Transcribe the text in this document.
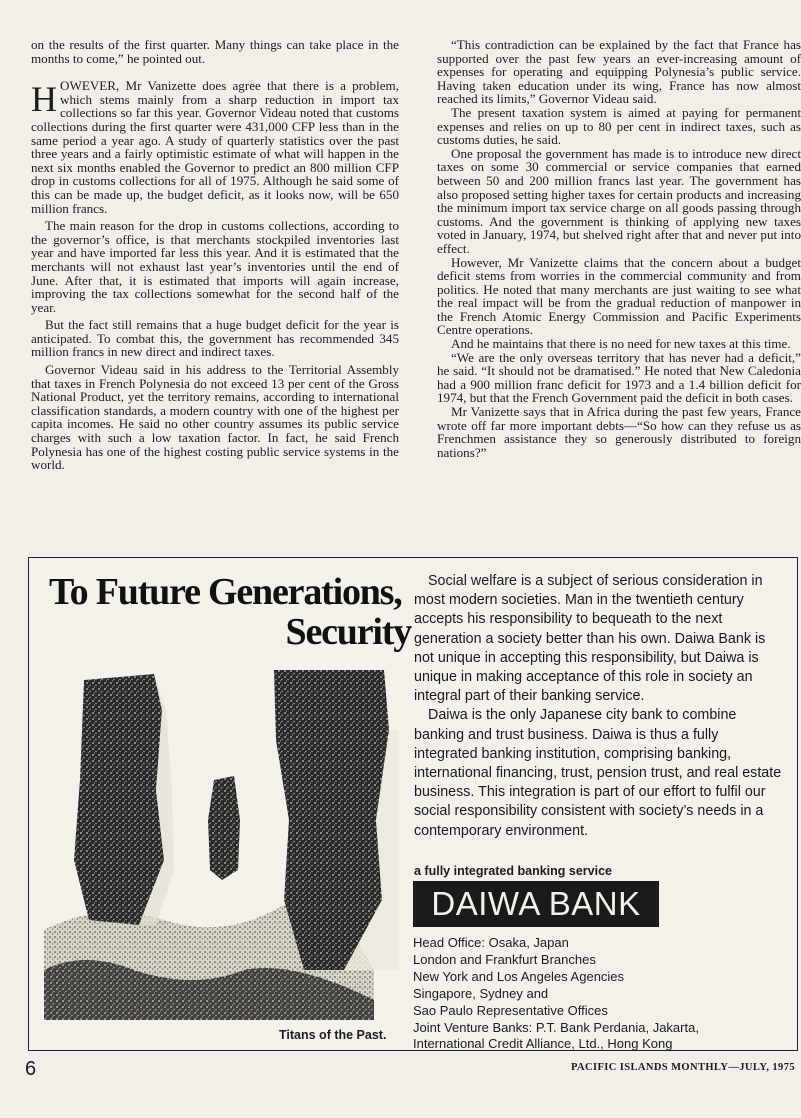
on the results of the first quarter. Many things can take place in the months to come,” he pointed out.

HOWEVER, Mr Vanizette does agree that there is a problem, which stems mainly from a sharp reduction in import tax collections so far this year. Governor Videau noted that customs collections during the first quarter were 431,000 CFP less than in the same period a year ago. A study of quarterly statistics over the past three years and a fairly optimistic estimate of what will happen in the next six months enabled the Governor to predict an 800 million CFP drop in customs collections for all of 1975. Although he said some of this can be made up, the budget deficit, as it looks now, will be 650 million francs.

The main reason for the drop in customs collections, according to the governor’s office, is that merchants stockpiled inventories last year and have imported far less this year. And it is estimated that the merchants will not exhaust last year’s inventories until the end of June. After that, it is estimated that imports will again increase, improving the tax collections somewhat for the second half of the year.

But the fact still remains that a huge budget deficit for the year is anticipated. To combat this, the government has recommended 345 million francs in new direct and indirect taxes.

Governor Videau said in his address to the Territorial Assembly that taxes in French Polynesia do not exceed 13 per cent of the Gross National Product, yet the territory remains, according to international classification standards, a modern country with one of the highest per capita incomes. He said no other country assumes its public service charges with such a low taxation factor. In fact, he said French Polynesia has one of the highest costing public service systems in the world.

“This contradiction can be explained by the fact that France has supported over the past few years an ever-increasing amount of expenses for operating and equipping Polynesia’s public service. Having taken education under its wing, France has now almost reached its limits,” Governor Videau said.

The present taxation system is aimed at paying for permanent expenses and relies on up to 80 per cent in indirect taxes, such as customs duties, he said.

One proposal the government has made is to introduce new direct taxes on some 30 commercial or service companies that earned between 50 and 200 million francs last year. The government has also proposed setting higher taxes for certain products and increasing the minimum import tax service charge on all goods passing through customs. And the government is thinking of applying new taxes voted in January, 1974, but shelved right after that and never put into effect.

However, Mr Vanizette claims that the concern about a budget deficit stems from worries in the commercial community and from politics. He noted that many merchants are just waiting to see what the real impact will be from the gradual reduction of manpower in the French Atomic Energy Commission and Pacific Experiments Centre operations.

And he maintains that there is no need for new taxes at this time.

“We are the only overseas territory that has never had a deficit,” he said. “It should not be dramatised.” He noted that New Caledonia had a 900 million franc deficit for 1973 and a 1.4 billion deficit for 1974, but that the French Government paid the deficit in both cases.

Mr Vanizette says that in Africa during the past few years, France wrote off far more important debts—“So how can they refuse us as Frenchmen assistance they so generously distributed to foreign nations?”

To Future Generations,
Security
Titans of the Past.

Social welfare is a subject of serious consideration in most modern societies. Man in the twentieth century accepts his responsibility to bequeath to the next generation a society better than his own. Daiwa Bank is not unique in accepting this responsibility, but Daiwa is unique in making acceptance of this role in society an integral part of their banking service.

Daiwa is the only Japanese city bank to combine banking and trust business. Daiwa is thus a fully integrated banking institution, comprising banking, international financing, trust, pension trust, and real estate business. This integration is part of our effort to fulfil our social responsibility consistent with society’s needs in a contemporary environment.

a fully integrated banking service
DAIWA BANK
Head Office: Osaka, Japan
London and Frankfurt Branches
New York and Los Angeles Agencies
Singapore, Sydney and
Sao Paulo Representative Offices
Joint Venture Banks: P.T. Bank Perdania, Jakarta,
International Credit Alliance, Ltd., Hong Kong
6	PACIFIC ISLANDS MONTHLY—JULY, 1975
